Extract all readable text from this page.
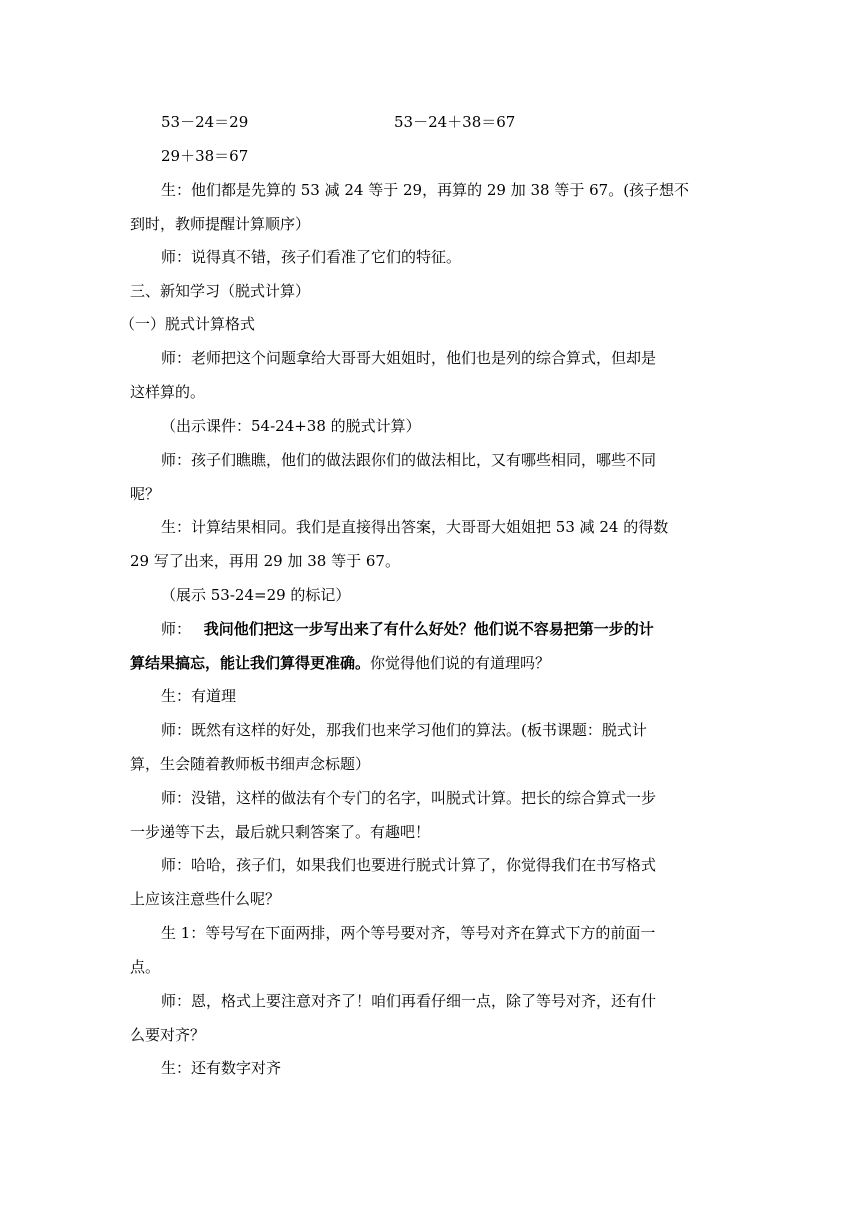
53－24＝29	53－24＋38＝67
29＋38＝67
生：他们都是先算的 53 减 24 等于 29，再算的 29 加 38 等于 67。(孩子想不
到时，教师提醒计算顺序）
师：说得真不错，孩子们看准了它们的特征。
三、新知学习（脱式计算）
（一）脱式计算格式
师：老师把这个问题拿给大哥哥大姐姐时，他们也是列的综合算式，但却是
这样算的。
（出示课件：54-24+38 的脱式计算）
师：孩子们瞧瞧，他们的做法跟你们的做法相比，又有哪些相同，哪些不同
呢？
生：计算结果相同。我们是直接得出答案，大哥哥大姐姐把 53 减 24 的得数
29 写了出来，再用 29 加 38 等于 67。
（展示 53-24=29 的标记）
师： 我问他们把这一步写出来了有什么好处？他们说不容易把第一步的计
算结果搞忘，能让我们算得更准确。你觉得他们说的有道理吗？
生：有道理
师：既然有这样的好处，那我们也来学习他们的算法。(板书课题：脱式计
算，生会随着教师板书细声念标题）
师：没错，这样的做法有个专门的名字，叫脱式计算。把长的综合算式一步
一步递等下去，最后就只剩答案了。有趣吧！
师：哈哈，孩子们，如果我们也要进行脱式计算了，你觉得我们在书写格式
上应该注意些什么呢？
生 1：等号写在下面两排，两个等号要对齐，等号对齐在算式下方的前面一
点。
师：恩，格式上要注意对齐了！咱们再看仔细一点，除了等号对齐，还有什
么要对齐？
生：还有数字对齐
